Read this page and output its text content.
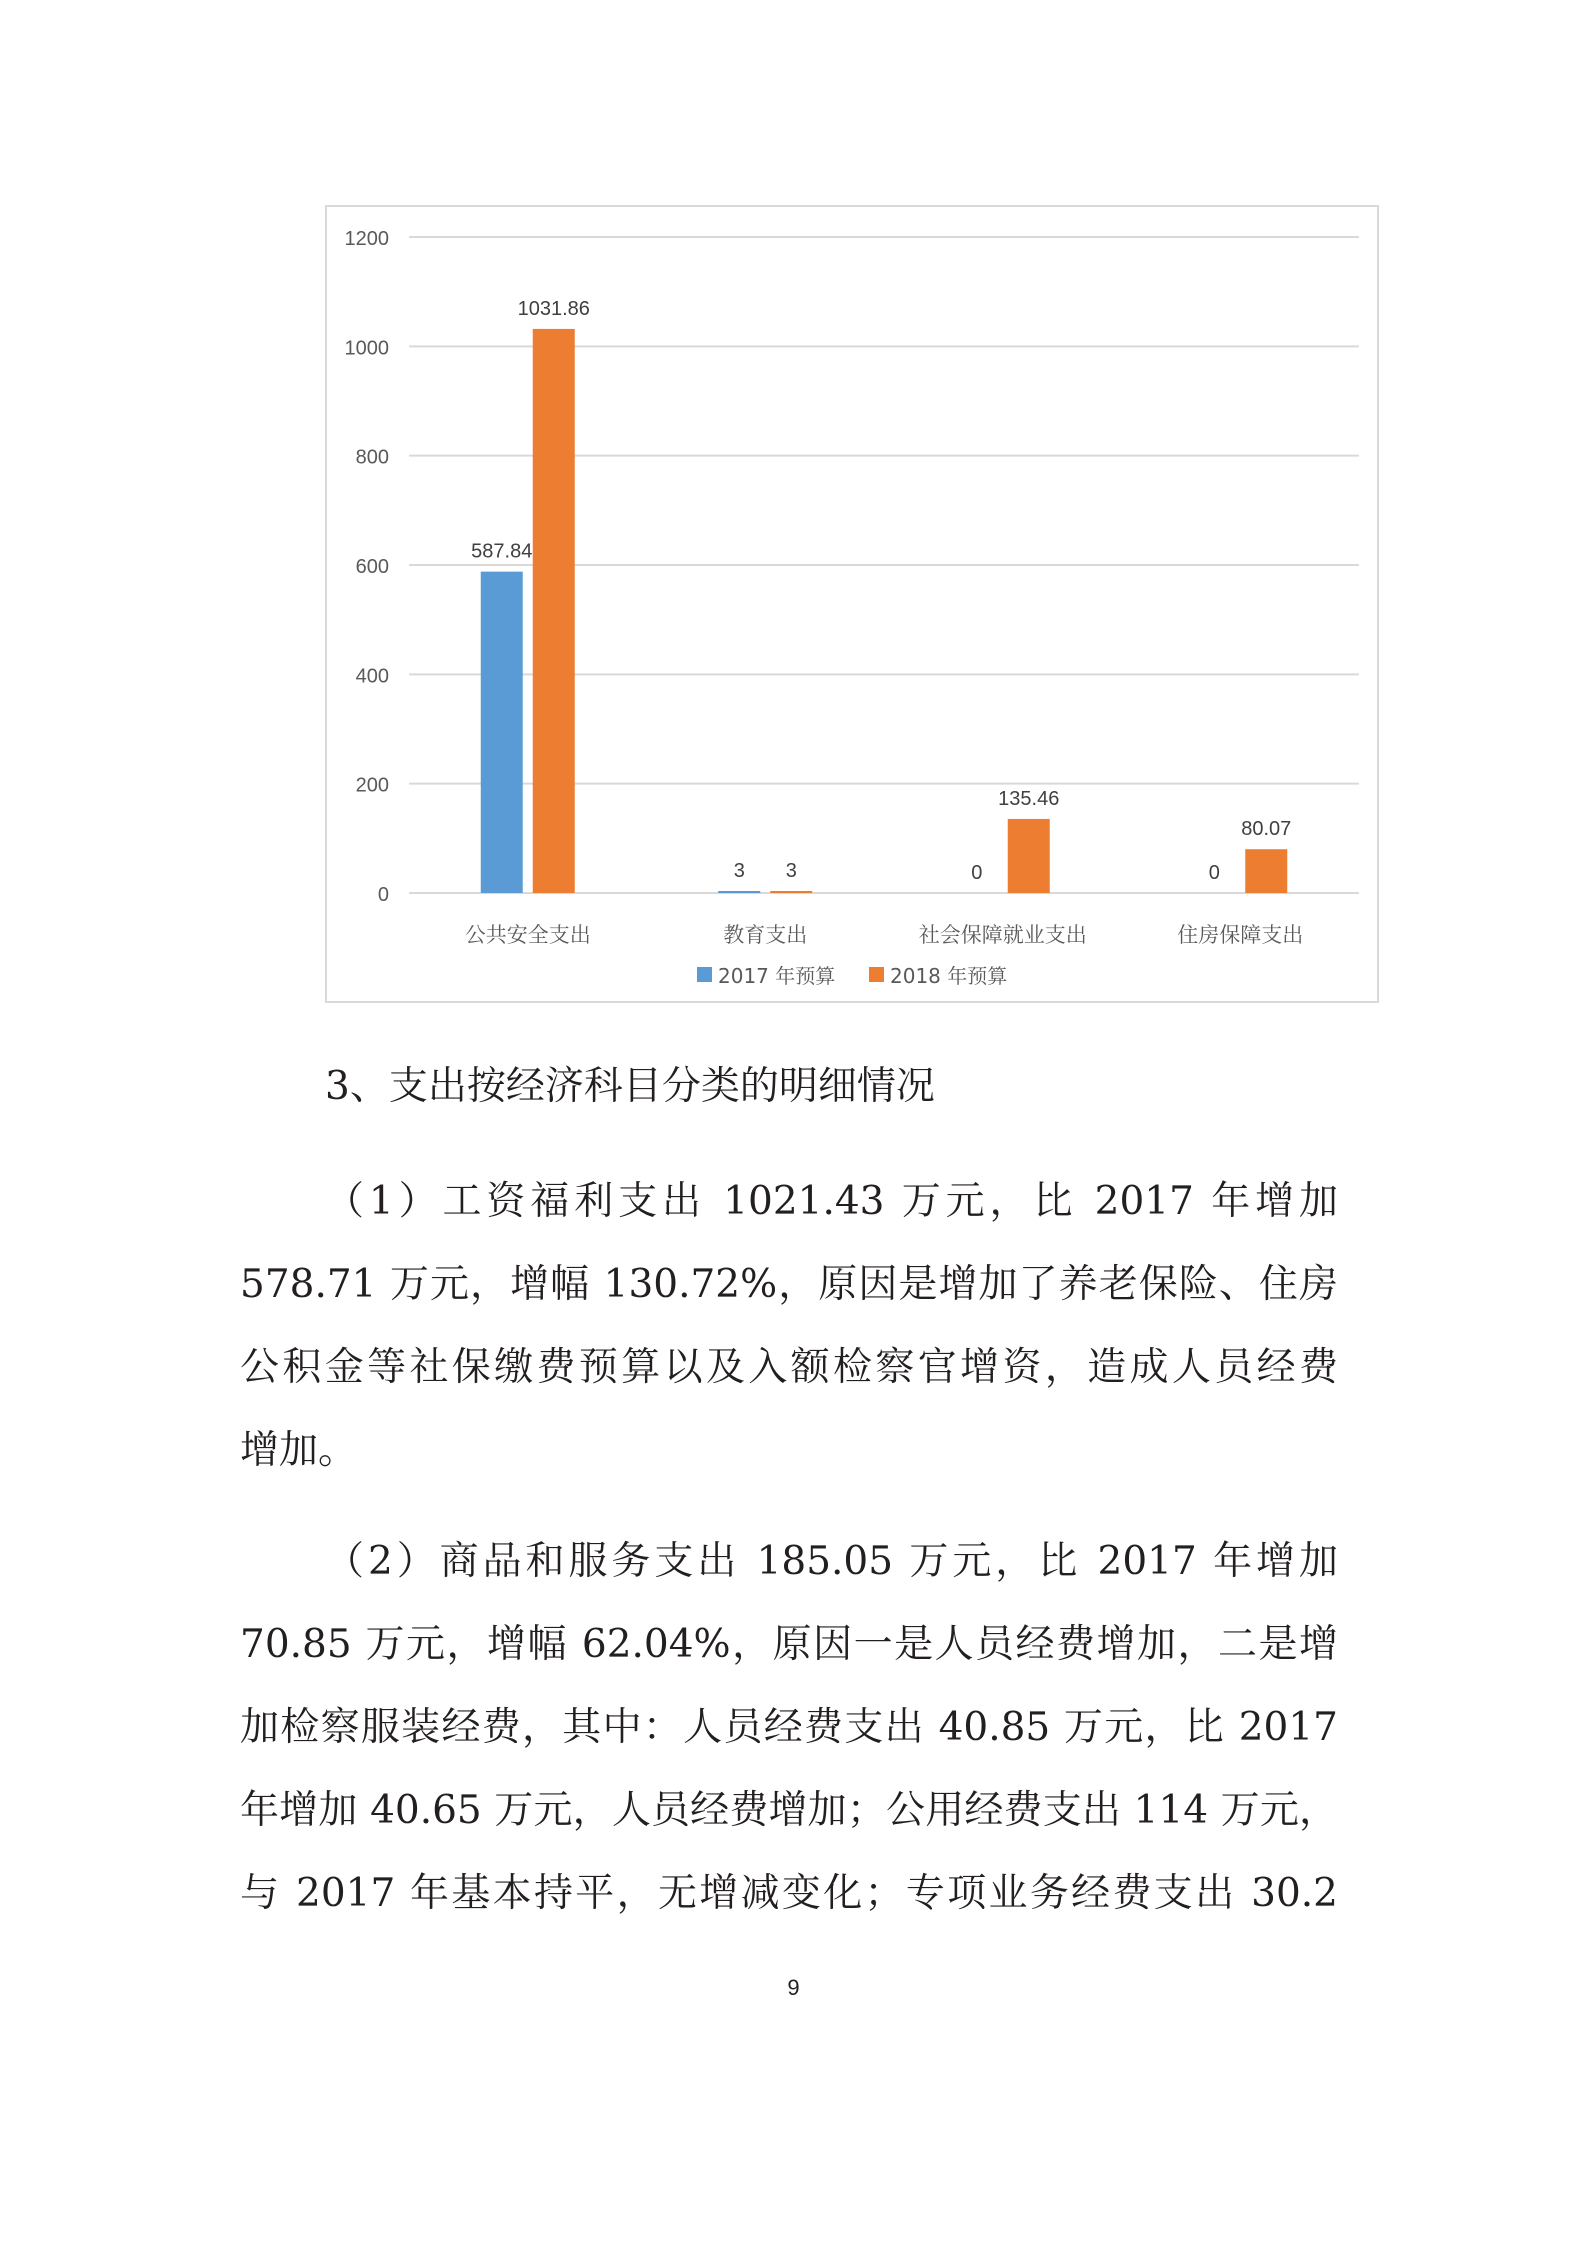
0
200
400
600
800
1000
1200
587.84
1031.86
公共安全支出
3 3
教育支出
0
135.46
社会保障就业支出
0
80.07
住房保障支出
2017 年预算	2018 年预算
3、支出按经济科目分类的明细情况
（1）工资福利支出 1021.43 万元，比 2017 年增加
578.71 万元，增幅 130.72%，原因是增加了养老保险、住房
公积金等社保缴费预算以及入额检察官增资，造成人员经费
增加。
（2）商品和服务支出 185.05 万元，比 2017 年增加
70.85 万元，增幅 62.04%，原因一是人员经费增加，二是增
加检察服装经费，其中：人员经费支出 40.85 万元，比 2017
年增加 40.65 万元，人员经费增加；公用经费支出 114 万元，
与 2017 年基本持平，无增减变化；专项业务经费支出 30.2
9
